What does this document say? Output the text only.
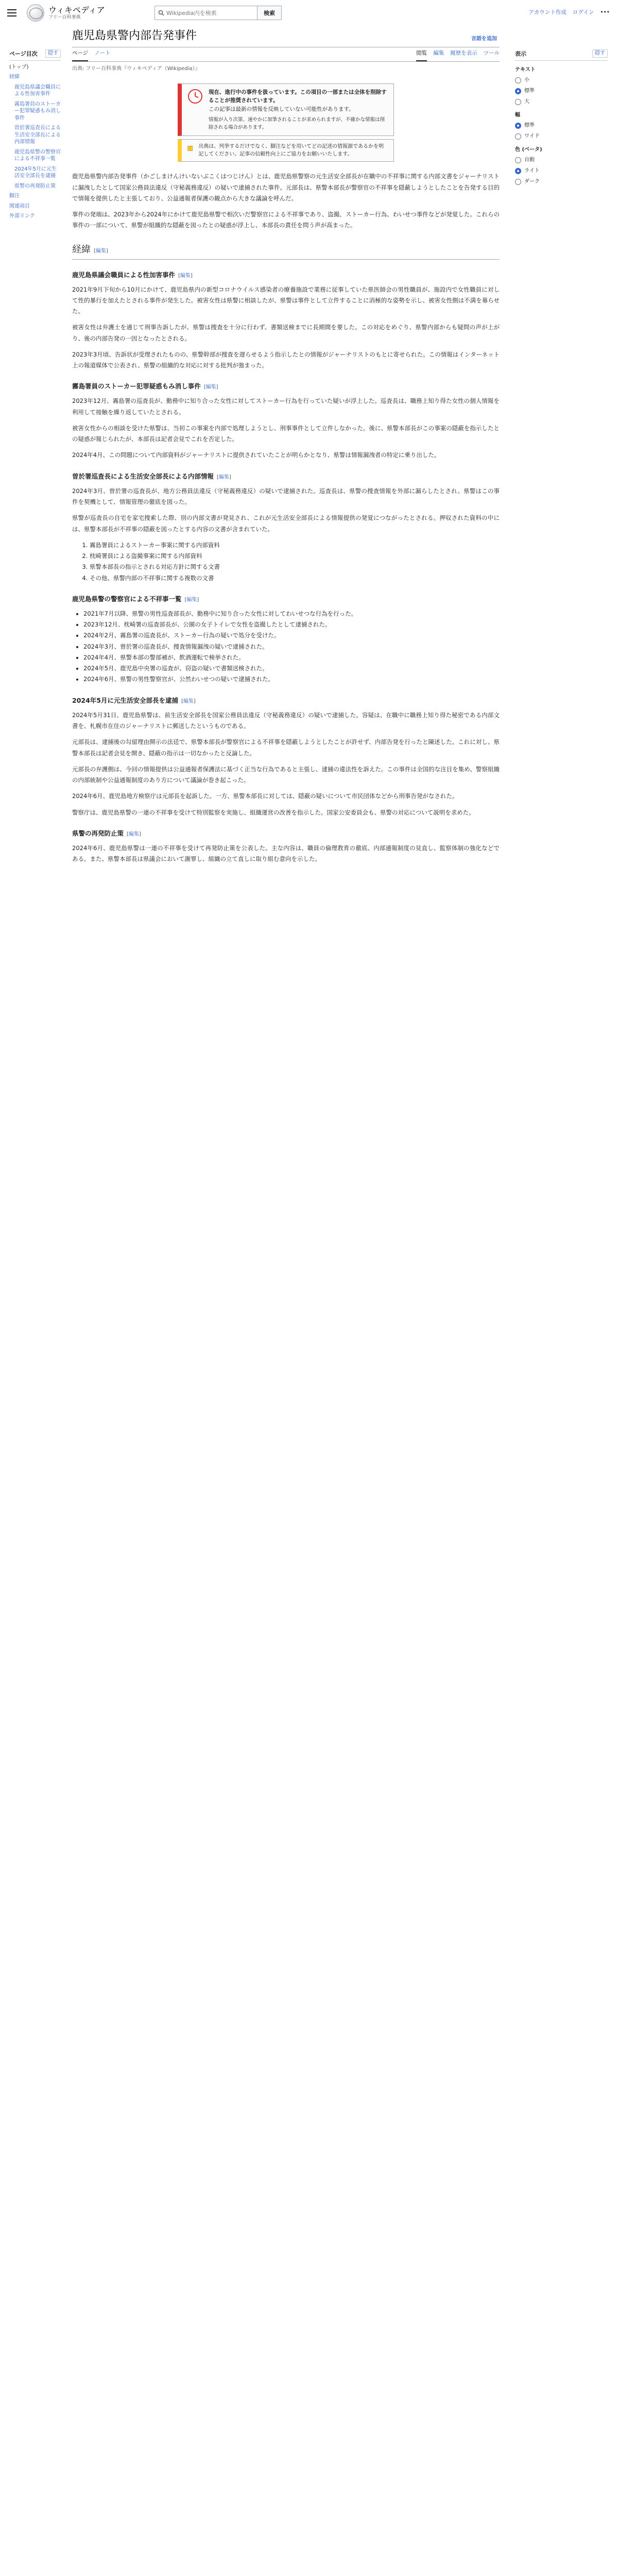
ウィキペディア
フリー百科事典
Wikipedia内を検索
検索	アカウント作成 ログイン •••
ページ目次	隠す
(トップ)
経緯
鹿児島県議会職員による性加害事件
霧島署員のストーカー犯罪疑惑もみ消し事件
曽於署巡査長による生活安全部長による内部情報
鹿児島県警の警察官による不祥事一覧
2024年5月に元生活安全部長を逮捕
県警の再発防止策
脚注
関連項目
外部リンク
鹿児島県警内部告発事件	言語を追加
ページ ノート	閲覧 編集 履歴を表示 ツール
出典: フリー百科事典『ウィキペディア（Wikipedia）』
現在、進行中の事件を扱っています。この項目の一部または全体を削除することが推奨されています。
この記事は最新の情報を反映していない可能性があります。
情報が入り次第、速やかに加筆されることが求められますが、不確かな情報は削除される場合があります。
出典は、列挙するだけでなく、脚注などを用いてどの記述の情報源であるかを明記してください。記事の信頼性向上にご協力をお願いいたします。

鹿児島県警内部告発事件（かごしまけんけいないぶこくはつじけん）とは、鹿児島県警察の元生活安全部長が在職中の不祥事に関する内部文書をジャーナリストに漏洩したとして国家公務員法違反（守秘義務違反）の疑いで逮捕された事件。元部長は、県警本部長が警察官の不祥事を隠蔽しようとしたことを告発する目的で情報を提供したと主張しており、公益通報者保護の観点から大きな議論を呼んだ。

事件の発端は、2023年から2024年にかけて鹿児島県警で相次いだ警察官による不祥事であり、盗撮、ストーカー行為、わいせつ事件などが発覚した。これらの事件の一部について、県警が組織的な隠蔽を図ったとの疑惑が浮上し、本部長の責任を問う声が高まった。

経緯 [編集]
鹿児島県議会職員による性加害事件 [編集]

2021年9月下旬から10月にかけて、鹿児島県内の新型コロナウイルス感染者の療養施設で業務に従事していた県医師会の男性職員が、施設内で女性職員に対して性的暴行を加えたとされる事件が発生した。被害女性は県警に相談したが、県警は事件として立件することに消極的な姿勢を示し、被害女性側は不満を募らせた。

被害女性は弁護士を通じて刑事告訴したが、県警は捜査を十分に行わず、書類送検までに長期間を要した。この対応をめぐり、県警内部からも疑問の声が上がり、後の内部告発の一因となったとされる。

2023年3月頃、告訴状が受理されたものの、県警幹部が捜査を遅らせるよう指示したとの情報がジャーナリストのもとに寄せられた。この情報はインターネット上の報道媒体で公表され、県警の組織的な対応に対する批判が強まった。

霧島署員のストーカー犯罪疑惑もみ消し事件 [編集]

2023年12月、霧島署の巡査長が、勤務中に知り合った女性に対してストーカー行為を行っていた疑いが浮上した。巡査長は、職務上知り得た女性の個人情報を利用して接触を繰り返していたとされる。

被害女性からの相談を受けた県警は、当初この事案を内部で処理しようとし、刑事事件として立件しなかった。後に、県警本部長がこの事案の隠蔽を指示したとの疑惑が報じられたが、本部長は記者会見でこれを否定した。

2024年4月、この問題について内部資料がジャーナリストに提供されていたことが明らかとなり、県警は情報漏洩者の特定に乗り出した。

曽於署巡査長による生活安全部長による内部情報 [編集]

2024年3月、曽於署の巡査長が、地方公務員法違反（守秘義務違反）の疑いで逮捕された。巡査長は、県警の捜査情報を外部に漏らしたとされ、県警はこの事件を契機として、情報管理の徹底を図った。

県警が巡査長の自宅を家宅捜索した際、別の内部文書が発見され、これが元生活安全部長による情報提供の発覚につながったとされる。押収された資料の中には、県警本部長が不祥事の隠蔽を図ったとする内容の文書が含まれていた。

1. 霧島署員によるストーカー事案に関する内部資料
2. 枕崎署員による盗撮事案に関する内部資料
3. 県警本部長の指示とされる対応方針に関する文書
4. その他、県警内部の不祥事に関する複数の文書
鹿児島県警の警察官による不祥事一覧 [編集]
• 2021年7月以降、県警の男性巡査部長が、勤務中に知り合った女性に対してわいせつな行為を行った。
• 2023年12月、枕崎署の巡査部長が、公園の女子トイレで女性を盗撮したとして逮捕された。
• 2024年2月、霧島署の巡査長が、ストーカー行為の疑いで処分を受けた。
• 2024年3月、曽於署の巡査長が、捜査情報漏洩の疑いで逮捕された。
• 2024年4月、県警本部の警部補が、飲酒運転で検挙された。
• 2024年5月、鹿児島中央署の巡査が、窃盗の疑いで書類送検された。
• 2024年6月、県警の男性警察官が、公然わいせつの疑いで逮捕された。
2024年5月に元生活安全部長を逮捕 [編集]

2024年5月31日、鹿児島県警は、前生活安全部長を国家公務員法違反（守秘義務違反）の疑いで逮捕した。容疑は、在職中に職務上知り得た秘密である内部文書を、札幌市在住のジャーナリストに郵送したというものである。

元部長は、逮捕後の勾留理由開示の法廷で、県警本部長が警察官による不祥事を隠蔽しようとしたことが許せず、内部告発を行ったと陳述した。これに対し、県警本部長は記者会見を開き、隠蔽の指示は一切なかったと反論した。

元部長の弁護側は、今回の情報提供は公益通報者保護法に基づく正当な行為であると主張し、逮捕の違法性を訴えた。この事件は全国的な注目を集め、警察組織の内部統制や公益通報制度のあり方について議論が巻き起こった。

2024年6月、鹿児島地方検察庁は元部長を起訴した。一方、県警本部長に対しては、隠蔽の疑いについて市民団体などから刑事告発がなされた。

警察庁は、鹿児島県警の一連の不祥事を受けて特別監察を実施し、組織運営の改善を指示した。国家公安委員会も、県警の対応について説明を求めた。

県警の再発防止策 [編集]

2024年6月、鹿児島県警は一連の不祥事を受けて再発防止策を公表した。主な内容は、職員の倫理教育の徹底、内部通報制度の見直し、監察体制の強化などである。また、県警本部長は県議会において謝罪し、組織の立て直しに取り組む意向を示した。

表示	隠す
テキスト
小
標準
大
幅
標準
ワイド
色 (ベータ)
自動
ライト
ダーク
